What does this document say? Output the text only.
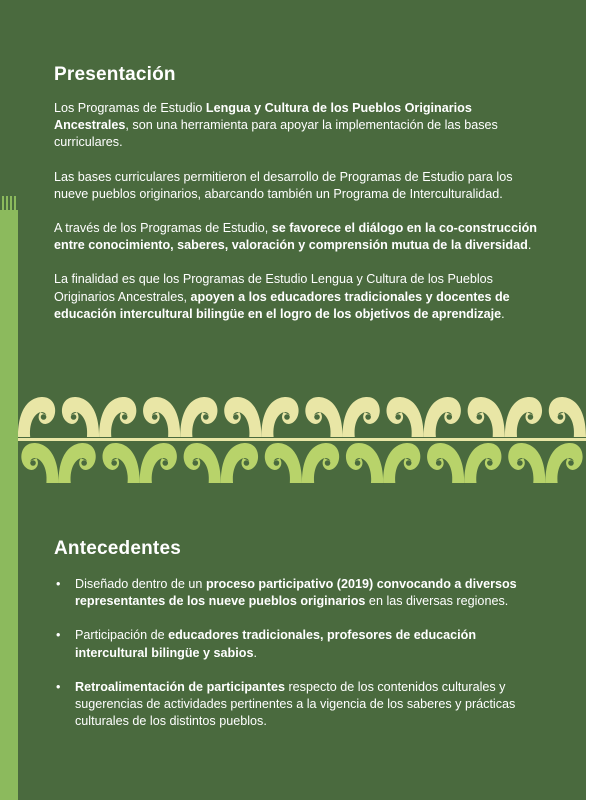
Presentación

Los Programas de Estudio Lengua y Cultura de los Pueblos Originarios Ancestrales, son una herramienta para apoyar la implementación de las bases curriculares.

Las bases curriculares permitieron el desarrollo de Programas de Estudio para los nueve pueblos originarios, abarcando también un Programa de Interculturalidad.

A través de los Programas de Estudio, se favorece el diálogo en la co-construcción entre conocimiento, saberes, valoración y comprensión mutua de la diversidad.

La finalidad es que los Programas de Estudio Lengua y Cultura de los Pueblos Originarios Ancestrales, apoyen a los educadores tradicionales y docentes de educación intercultural bilingüe en el logro de los objetivos de aprendizaje.

Antecedentes
• Diseñado dentro de un proceso participativo (2019) convocando a diversos representantes de los nueve pueblos originarios en las diversas regiones.
• Participación de educadores tradicionales, profesores de educación intercultural bilingüe y sabios.
• Retroalimentación de participantes respecto de los contenidos culturales y sugerencias de actividades pertinentes a la vigencia de los saberes y prácticas culturales de los distintos pueblos.
